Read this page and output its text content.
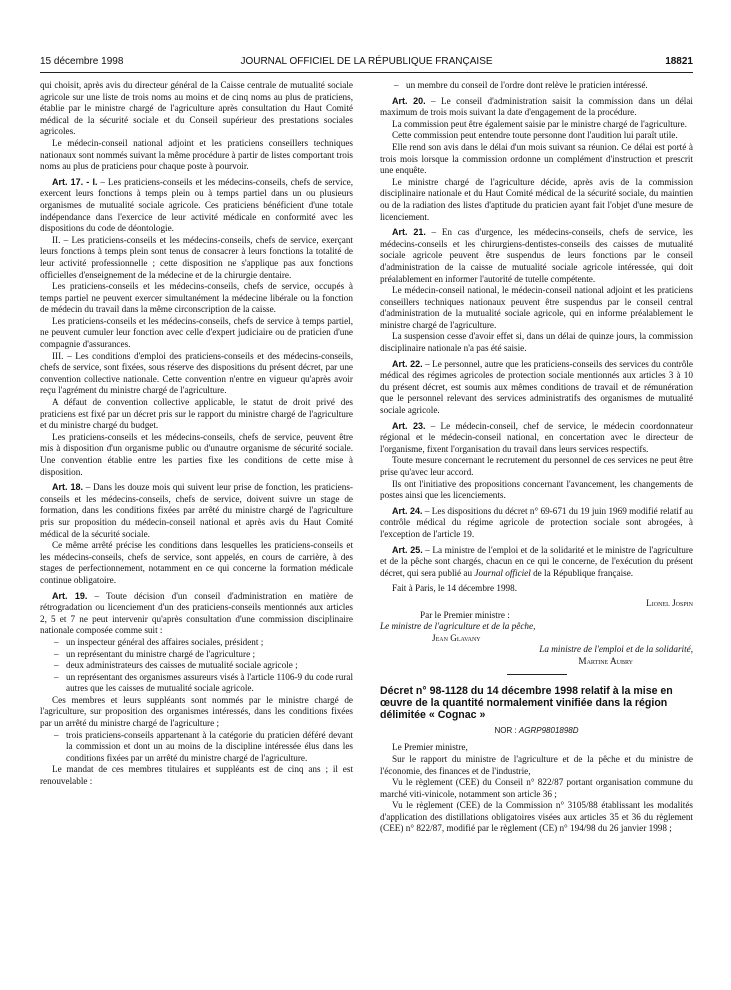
15 décembre 1998	JOURNAL OFFICIEL DE LA RÉPUBLIQUE FRANÇAISE	18821

qui choisit, après avis du directeur général de la Caisse centrale de mutualité sociale agricole sur une liste de trois noms au moins et de cinq noms au plus de praticiens, établie par le ministre chargé de l'agriculture après consultation du Haut Comité médical de la sécurité sociale et du Conseil supérieur des prestations sociales agricoles.

Le médecin-conseil national adjoint et les praticiens conseillers techniques nationaux sont nommés suivant la même procédure à partir de listes comportant trois noms au plus de praticiens pour chaque poste à pourvoir.

Art. 17. - I. – Les praticiens-conseils et les médecins-conseils, chefs de service, exercent leurs fonctions à temps plein ou à temps partiel dans un ou plusieurs organismes de mutualité sociale agricole. Ces praticiens bénéficient d'une totale indépendance dans l'exercice de leur activité médicale en conformité avec les dispositions du code de déontologie.

II. – Les praticiens-conseils et les médecins-conseils, chefs de service, exerçant leurs fonctions à temps plein sont tenus de consacrer à leurs fonctions la totalité de leur activité professionnelle ; cette disposition ne s'applique pas aux fonctions officielles d'enseignement de la médecine et de la chirurgie dentaire.

Les praticiens-conseils et les médecins-conseils, chefs de service, occupés à temps partiel ne peuvent exercer simultanément la médecine libérale ou la fonction de médecin du travail dans la même circonscription de la caisse.

Les praticiens-conseils et les médecins-conseils, chefs de service à temps partiel, ne peuvent cumuler leur fonction avec celle d'expert judiciaire ou de praticien d'une compagnie d'assurances.

III. – Les conditions d'emploi des praticiens-conseils et des médecins-conseils, chefs de service, sont fixées, sous réserve des dispositions du présent décret, par une convention collective nationale. Cette convention n'entre en vigueur qu'après avoir reçu l'agrément du ministre chargé de l'agriculture.

A défaut de convention collective applicable, le statut de droit privé des praticiens est fixé par un décret pris sur le rapport du ministre chargé de l'agriculture et du ministre chargé du budget.

Les praticiens-conseils et les médecins-conseils, chefs de service, peuvent être mis à disposition d'un organisme public ou d'unautre organisme de sécurité sociale. Une convention établie entre les parties fixe les conditions de cette mise à disposition.

Art. 18. – Dans les douze mois qui suivent leur prise de fonction, les praticiens-conseils et les médecins-conseils, chefs de service, doivent suivre un stage de formation, dans les conditions fixées par arrêté du ministre chargé de l'agriculture pris sur proposition du médecin-conseil national et après avis du Haut Comité médical de la sécurité sociale.

Ce même arrêté précise les conditions dans lesquelles les praticiens-conseils et les médecins-conseils, chefs de service, sont appelés, en cours de carrière, à des stages de perfectionnement, notamment en ce qui concerne la formation médicale continue obligatoire.

Art. 19. – Toute décision d'un conseil d'administration en matière de rétrogradation ou licenciement d'un des praticiens-conseils mentionnés aux articles 2, 5 et 7 ne peut intervenir qu'après consultation d'une commission disciplinaire nationale composée comme suit :

– un inspecteur général des affaires sociales, président ;
– un représentant du ministre chargé de l'agriculture ;
– deux administrateurs des caisses de mutualité sociale agricole ;
– un représentant des organismes assureurs visés à l'article 1106-9 du code rural autres que les caisses de mutualité sociale agricole.

Ces membres et leurs suppléants sont nommés par le ministre chargé de l'agriculture, sur proposition des organismes intéressés, dans les conditions fixées par un arrêté du ministre chargé de l'agriculture ;

– trois praticiens-conseils appartenant à la catégorie du praticien déféré devant la commission et dont un au moins de la discipline intéressée élus dans les conditions fixées par un arrêté du ministre chargé de l'agriculture.

Le mandat de ces membres titulaires et suppléants est de cinq ans ; il est renouvelable :

– un membre du conseil de l'ordre dont relève le praticien intéressé.

Art. 20. – Le conseil d'administration saisit la commission dans un délai maximum de trois mois suivant la date d'engagement de la procédure.

La commission peut être également saisie par le ministre chargé de l'agriculture.

Cette commission peut entendre toute personne dont l'audition lui paraît utile.

Elle rend son avis dans le délai d'un mois suivant sa réunion. Ce délai est porté à trois mois lorsque la commission ordonne un complément d'instruction et prescrit une enquête.

Le ministre chargé de l'agriculture décide, après avis de la commission disciplinaire nationale et du Haut Comité médical de la sécurité sociale, du maintien ou de la radiation des listes d'aptitude du praticien ayant fait l'objet d'une mesure de licenciement.

Art. 21. – En cas d'urgence, les médecins-conseils, chefs de service, les médecins-conseils et les chirurgiens-dentistes-conseils des caisses de mutualité sociale agricole peuvent être suspendus de leurs fonctions par le conseil d'administration de la caisse de mutualité sociale agricole intéressée, qui doit préalablement en informer l'autorité de tutelle compétente.

Le médecin-conseil national, le médecin-conseil national adjoint et les praticiens conseillers techniques nationaux peuvent être suspendus par le conseil central d'administration de la mutualité sociale agricole, qui en informe préalablement le ministre chargé de l'agriculture.

La suspension cesse d'avoir effet si, dans un délai de quinze jours, la commission disciplinaire nationale n'a pas été saisie.

Art. 22. – Le personnel, autre que les praticiens-conseils des services du contrôle médical des régimes agricoles de protection sociale mentionnés aux articles 3 à 10 du présent décret, est soumis aux mêmes conditions de travail et de rémunération que le personnel relevant des services administratifs des organismes de mutualité sociale agricole.

Art. 23. – Le médecin-conseil, chef de service, le médecin coordonnateur régional et le médecin-conseil national, en concertation avec le directeur de l'organisme, fixent l'organisation du travail dans leurs services respectifs.

Toute mesure concernant le recrutement du personnel de ces services ne peut être prise qu'avec leur accord.

Ils ont l'initiative des propositions concernant l'avancement, les changements de postes ainsi que les licenciements.

Art. 24. – Les dispositions du décret n° 69-671 du 19 juin 1969 modifié relatif au contrôle médical du régime agricole de protection sociale sont abrogées, à l'exception de l'article 19.

Art. 25. – La ministre de l'emploi et de la solidarité et le ministre de l'agriculture et de la pêche sont chargés, chacun en ce qui le concerne, de l'exécution du présent décret, qui sera publié au Journal officiel de la République française.

Fait à Paris, le 14 décembre 1998.

Lionel Jospin
Par le Premier ministre :
Le ministre de l'agriculture et de la pêche,
Jean Glavany
La ministre de l'emploi et de la solidarité,
Martine Aubry
Décret n° 98-1128 du 14 décembre 1998 relatif à la mise en œuvre de la quantité normalement vinifiée dans la région délimitée « Cognac »
NOR : AGRP9801898D

Le Premier ministre,

Sur le rapport du ministre de l'agriculture et de la pêche et du ministre de l'économie, des finances et de l'industrie,

Vu le règlement (CEE) du Conseil n° 822/87 portant organisation commune du marché viti-vinicole, notamment son article 36 ;

Vu le règlement (CEE) de la Commission n° 3105/88 établissant les modalités d'application des distillations obligatoires visées aux articles 35 et 36 du règlement (CEE) n° 822/87, modifié par le règlement (CE) n° 194/98 du 26 janvier 1998 ;
